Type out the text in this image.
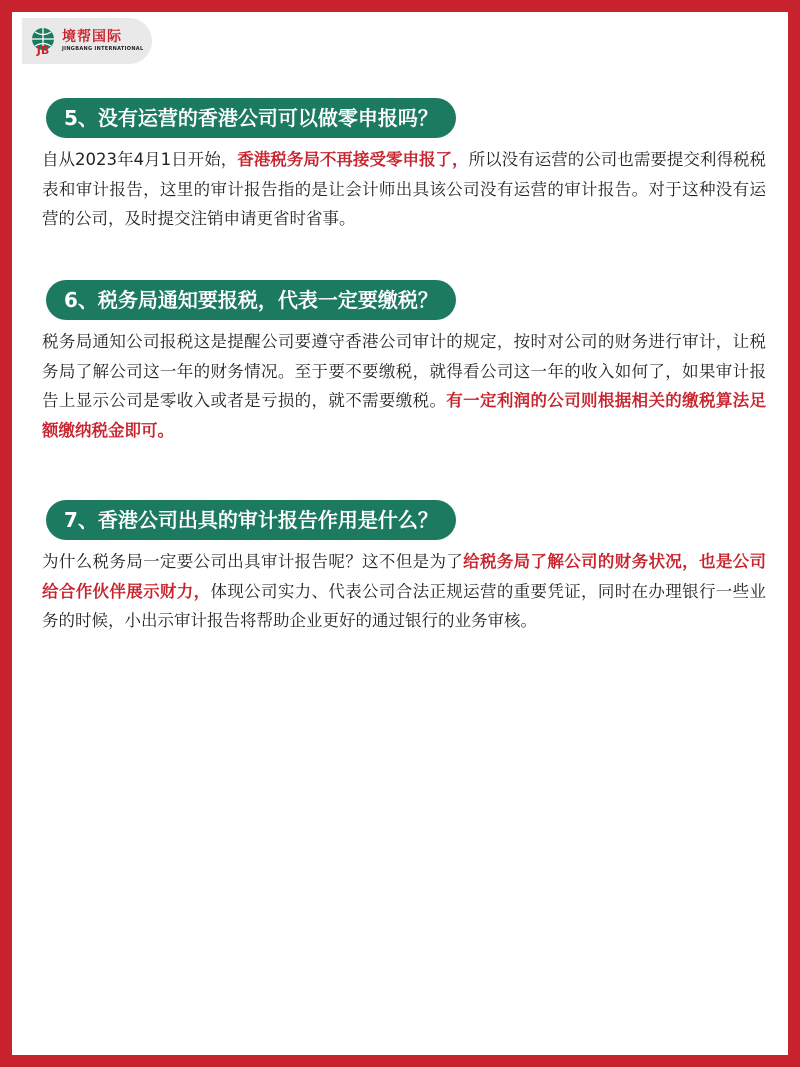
JB
境帮国际
JINGBANG INTERNATIONAL
5、没有运营的香港公司可以做零申报吗？
自从2023年4月1日开始，香港税务局不再接受零申报了，所以没有运营的公司也需要提交利得税税表和审计报告，这里的审计报告指的是让会计师出具该公司没有运营的审计报告。对于这种没有运营的公司，及时提交注销申请更省时省事。
6、税务局通知要报税，代表一定要缴税？
税务局通知公司报税这是提醒公司要遵守香港公司审计的规定，按时对公司的财务进行审计，让税务局了解公司这一年的财务情况。至于要不要缴税，就得看公司这一年的收入如何了，如果审计报告上显示公司是零收入或者是亏损的，就不需要缴税。有一定利润的公司则根据相关的缴税算法足额缴纳税金即可。
7、香港公司出具的审计报告作用是什么？
为什么税务局一定要公司出具审计报告呢？这不但是为了给税务局了解公司的财务状况，也是公司给合作伙伴展示财力，体现公司实力、代表公司合法正规运营的重要凭证，同时在办理银行一些业务的时候，小出示审计报告将帮助企业更好的通过银行的业务审核。
